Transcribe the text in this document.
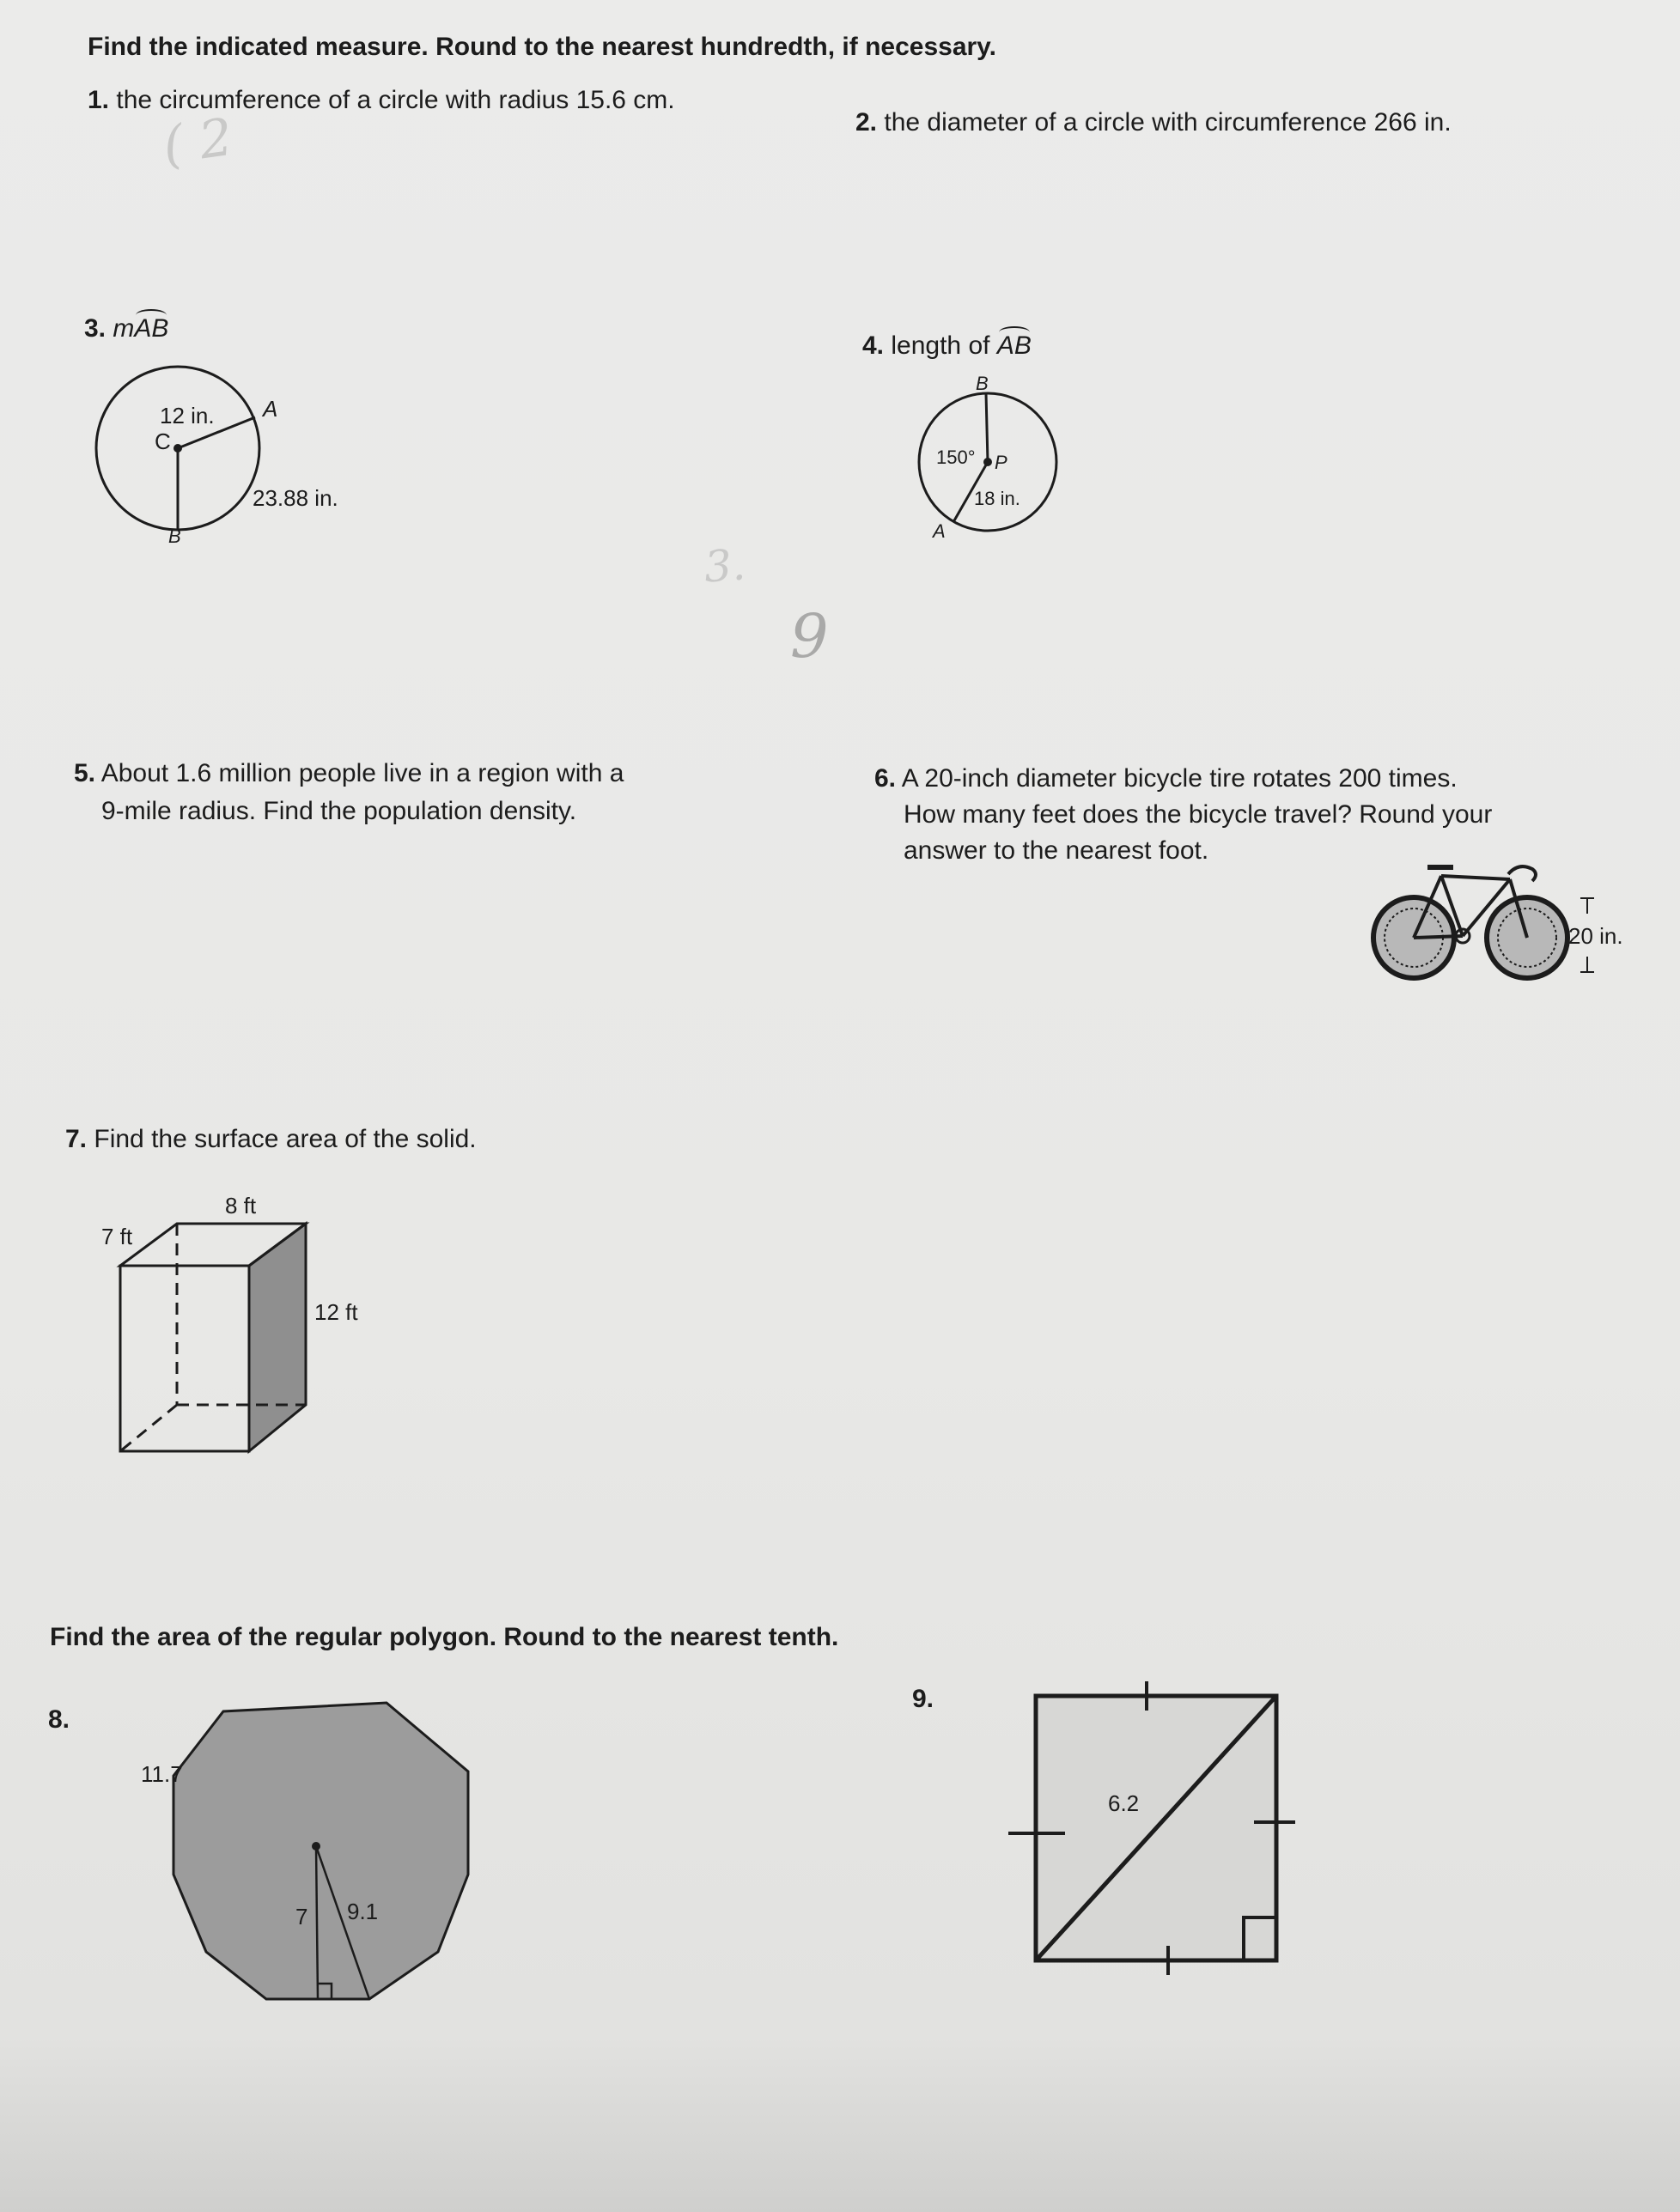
( 2
3.
9
Find the indicated measure. Round to the nearest hundredth, if necessary.
1. the circumference of a circle with radius 15.6 cm.
2. the diameter of a circle with circumference 266 in.
3. mAB
12 in.
C
A
23.88 in.
B
4. length of AB
B
150° P
18 in.
A
5. About 1.6 million people live in a region with a
9-mile radius. Find the population density.
6. A 20-inch diameter bicycle tire rotates 200 times.
How many feet does the bicycle travel? Round your
answer to the nearest foot.
20 in.
7. Find the surface area of the solid.
8 ft
7 ft
12 ft
Find the area of the regular polygon. Round to the nearest tenth.
8.
11.7
7 9.1
9.
6.2
